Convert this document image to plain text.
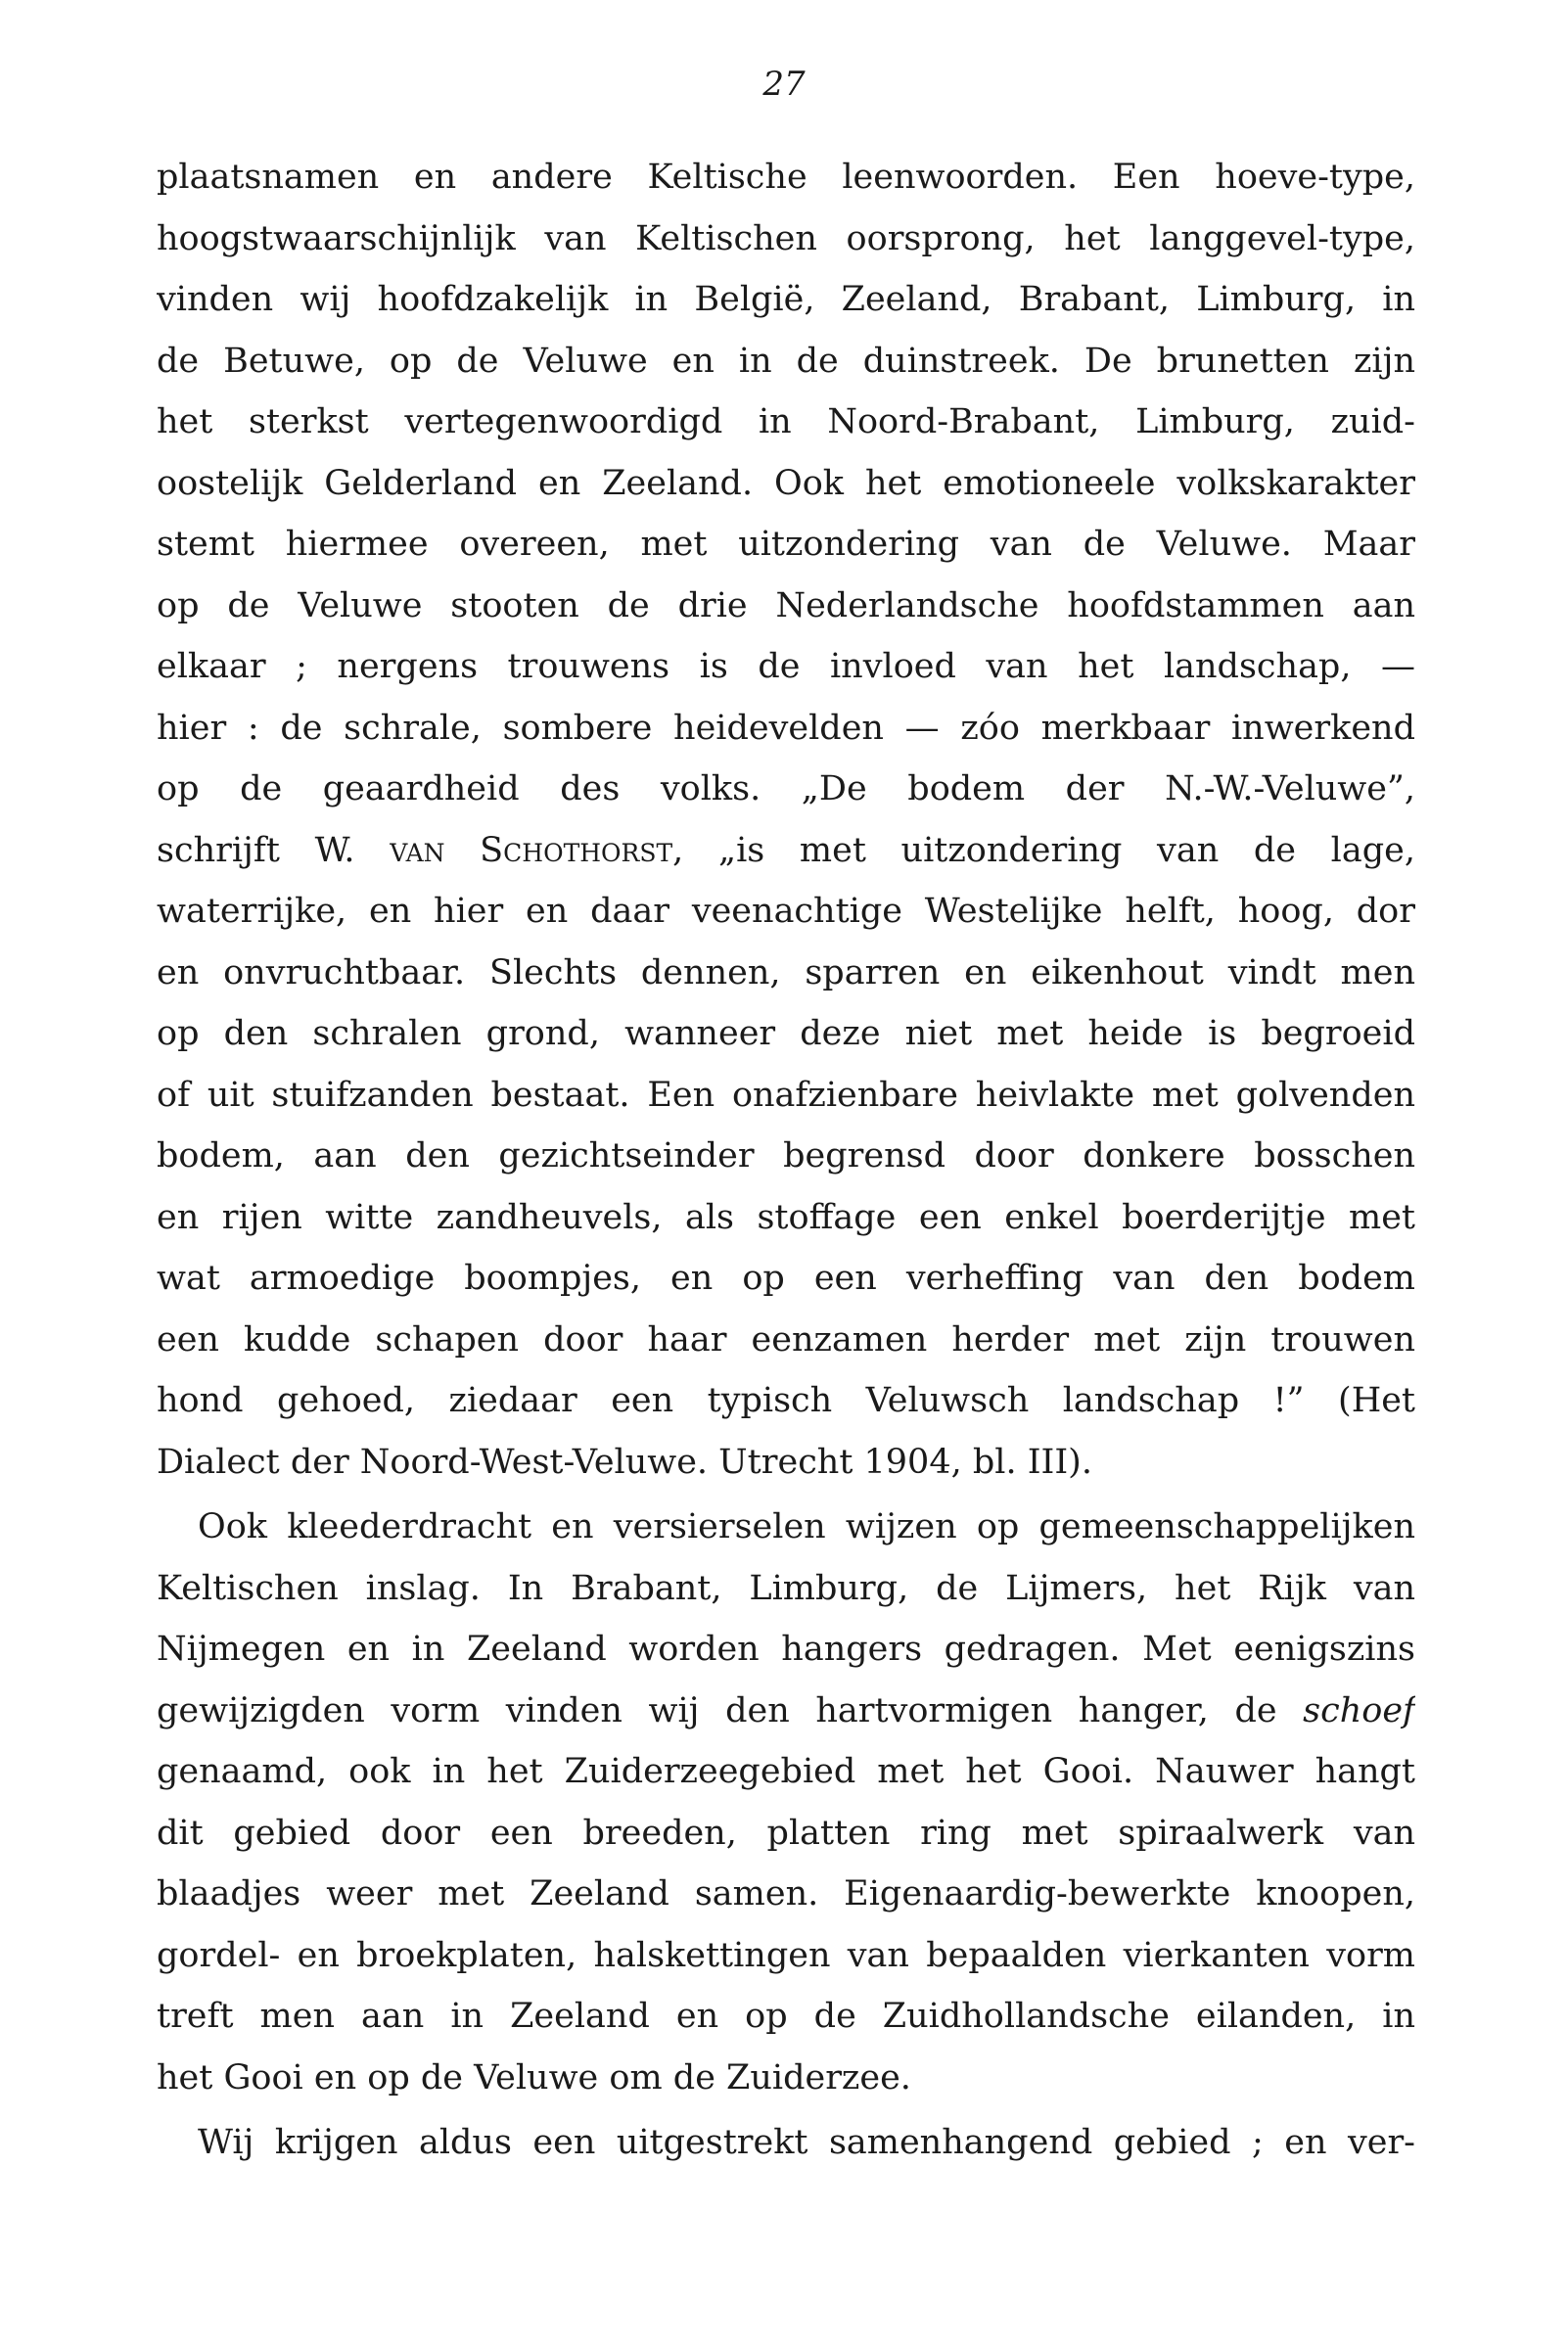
27
plaatsnamen en andere Keltische leenwoorden. Een hoeve-type,
hoogstwaarschijnlijk van Keltischen oorsprong, het langgevel-type,
vinden wij hoofdzakelijk in België, Zeeland, Brabant, Limburg, in
de Betuwe, op de Veluwe en in de duinstreek. De brunetten zijn
het sterkst vertegenwoordigd in Noord-Brabant, Limburg, zuid-
oostelijk Gelderland en Zeeland. Ook het emotioneele volkskarakter
stemt hiermee overeen, met uitzondering van de Veluwe. Maar
op de Veluwe stooten de drie Nederlandsche hoofdstammen aan
elkaar ; nergens trouwens is de invloed van het landschap, —
hier : de schrale, sombere heidevelden — zóo merkbaar inwerkend
op de geaardheid des volks. „De bodem der N.-W.-Veluwe”,
schrijft W. van Schothorst, „is met uitzondering van de lage,
waterrijke, en hier en daar veenachtige Westelijke helft, hoog, dor
en onvruchtbaar. Slechts dennen, sparren en eikenhout vindt men
op den schralen grond, wanneer deze niet met heide is begroeid
of uit stuifzanden bestaat. Een onafzienbare heivlakte met golvenden
bodem, aan den gezichtseinder begrensd door donkere bosschen
en rijen witte zandheuvels, als stoffage een enkel boerderijtje met
wat armoedige boompjes, en op een verheffing van den bodem
een kudde schapen door haar eenzamen herder met zijn trouwen
hond gehoed, ziedaar een typisch Veluwsch landschap !” (Het
Dialect der Noord-West-Veluwe. Utrecht 1904, bl. III).
Ook kleederdracht en versierselen wijzen op gemeenschappelijken
Keltischen inslag. In Brabant, Limburg, de Lijmers, het Rijk van
Nijmegen en in Zeeland worden hangers gedragen. Met eenigszins
gewijzigden vorm vinden wij den hartvormigen hanger, de schoef
genaamd, ook in het Zuiderzeegebied met het Gooi. Nauwer hangt
dit gebied door een breeden, platten ring met spiraalwerk van
blaadjes weer met Zeeland samen. Eigenaardig-bewerkte knoopen,
gordel- en broekplaten, halskettingen van bepaalden vierkanten vorm
treft men aan in Zeeland en op de Zuidhollandsche eilanden, in
het Gooi en op de Veluwe om de Zuiderzee.
Wij krijgen aldus een uitgestrekt samenhangend gebied ; en ver-
